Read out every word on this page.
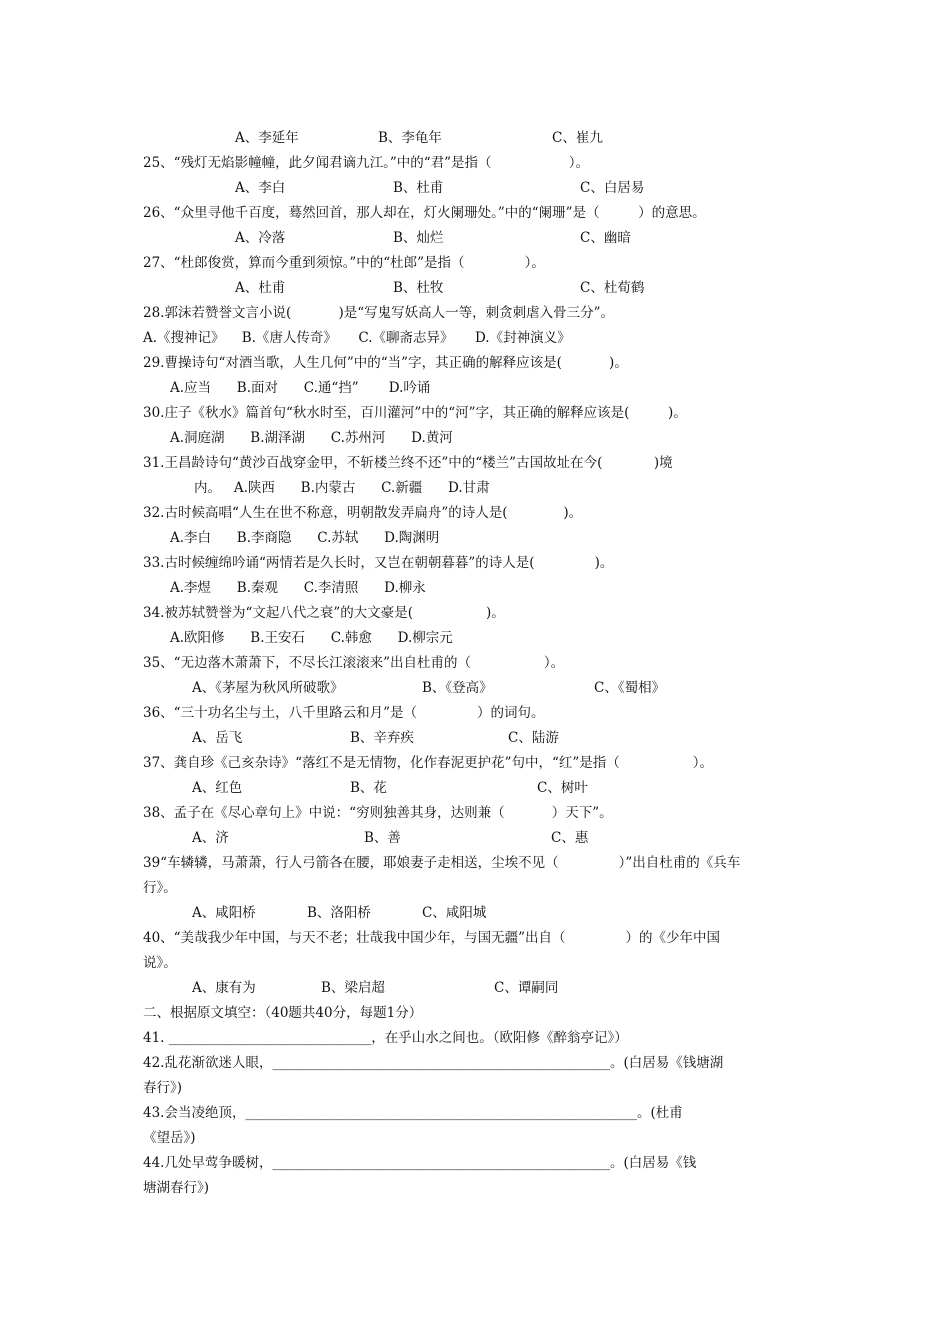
A、李延年	B、李龟年	C、崔九
25、“残灯无焰影幢幢，此夕闻君谪九江。”中的“君”是指（                  ）。
A、李白	B、杜甫	C、白居易
26、“众里寻他千百度，蓦然回首，那人却在，灯火阑珊处。”中的“阑珊”是（         ）的意思。
A、冷落	B、灿烂	C、幽暗
27、“杜郎俊赏，算而今重到须惊。”中的“杜郎”是指（              ）。
A、杜甫	B、杜牧	C、杜荀鹤
28.郭沫若赞誉文言小说(           )是“写鬼写妖高人一等，刺贪刺虐入骨三分”。
A.《搜神记》    B.《唐人传奇》     C.《聊斋志异》     D.《封神演义》
29.曹操诗句“对酒当歌，人生几何”中的“当”字，其正确的解释应该是(           )。
A.应当      B.面对      C.通“挡”       D.吟诵
30.庄子《秋水》篇首句“秋水时至，百川灌河”中的“河”字，其正确的解释应该是(         )。
A.洞庭湖      B.湖泽湖      C.苏州河      D.黄河
31.王昌龄诗句“黄沙百战穿金甲，不斩楼兰终不还”中的“楼兰”古国故址在今(            )境
内。   A.陕西      B.内蒙古      C.新疆      D.甘肃
32.古时候高唱“人生在世不称意，明朝散发弄扁舟”的诗人是(             )。
A.李白      B.李商隐      C.苏轼      D.陶渊明
33.古时候缠绵吟诵“两情若是久长时，又岂在朝朝暮暮”的诗人是(              )。
A.李煜      B.秦观      C.李清照      D.柳永
34.被苏轼赞誉为“文起八代之衰”的大文豪是(                 )。
A.欧阳修      B.王安石      C.韩愈      D.柳宗元
35、“无边落木萧萧下，不尽长江滚滚来”出自杜甫的（                 ）。
A、《茅屋为秋风所破歌》	B、《登高》	C、《蜀相》
36、“三十功名尘与土，八千里路云和月”是（              ）的词句。
A、岳飞	B、辛弃疾	C、陆游
37、龚自珍《己亥杂诗》“落红不是无情物，化作春泥更护花”句中，“红”是指（                 ）。
A、红色	B、花	C、树叶
38、孟子在《尽心章句上》中说：“穷则独善其身，达则兼（           ）天下”。
A、济	B、善	C、惠
39“车辚辚，马萧萧，行人弓箭各在腰，耶娘妻子走相送，尘埃不见（              ）”出自杜甫的《兵车
行》。
A、咸阳桥	B、洛阳桥	C、咸阳城
40、“美哉我少年中国，与天不老；壮哉我中国少年，与国无疆”出自（              ）的《少年中国
说》。
A、康有为	B、梁启超	C、谭嗣同
二、根据原文填空：（40题共40分，每题1分）
41. ______________________________，在乎山水之间也。（欧阳修《醉翁亭记》）
42.乱花渐欲迷人眼，__________________________________________________。(白居易《钱塘湖
春行》)
43.会当凌绝顶，__________________________________________________________。(杜甫
《望岳》)
44.几处早莺争暖树，__________________________________________________。(白居易《钱
塘湖春行》)
